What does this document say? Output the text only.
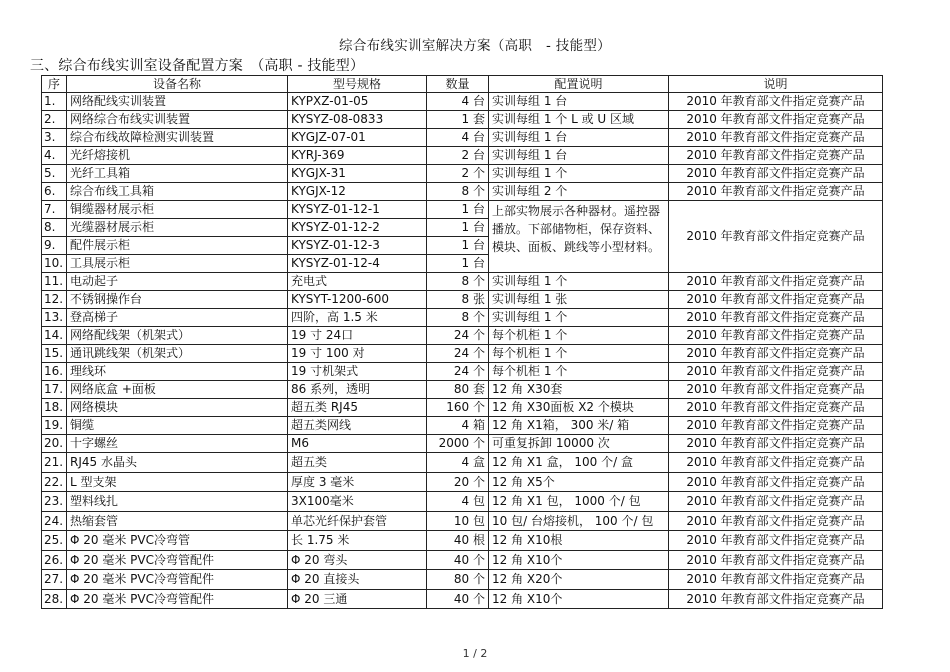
综合布线实训室解决方案（高职　- 技能型）
三、综合布线实训室设备配置方案　（高职 - 技能型）
序	设备名称	型号规格	数量	配置说明	说明
1.	网络配线实训装置	KYPXZ-01-05	4 台	实训每组 1 台	2010 年教育部文件指定竞赛产品
2.	网络综合布线实训装置	KYSYZ-08-0833	1 套	实训每组 1 个 L 或 U 区域	2010 年教育部文件指定竞赛产品
3.	综合布线故障检测实训装置	KYGJZ-07-01	4 台	实训每组 1 台	2010 年教育部文件指定竞赛产品
4.	光纤熔接机	KYRJ-369	2 台	实训每组 1 台	2010 年教育部文件指定竞赛产品
5.	光纤工具箱	KYGJX-31	2 个	实训每组 1 个	2010 年教育部文件指定竞赛产品
6.	综合布线工具箱	KYGJX-12	8 个	实训每组 2 个	2010 年教育部文件指定竞赛产品
7.	铜缆器材展示柜	KYSYZ-01-12-1	1 台	上部实物展示各种器材。遥控器播放。下部储物柜，保存资料、模块、面板、跳线等小型材料。	2010 年教育部文件指定竞赛产品
8.	光缆器材展示柜	KYSYZ-01-12-2	1 台		
9.	配件展示柜	KYSYZ-01-12-3	1 台		
10.	工具展示柜	KYSYZ-01-12-4	1 台		
11.	电动起子	充电式	8 个	实训每组 1 个	2010 年教育部文件指定竞赛产品
12.	不锈钢操作台	KYSYT-1200-600	8 张	实训每组 1 张	2010 年教育部文件指定竞赛产品
13.	登高梯子	四阶，高 1.5 米	8 个	实训每组 1 个	2010 年教育部文件指定竞赛产品
14.	网络配线架（机架式）	19 寸 24口	24 个	每个机柜 1 个	2010 年教育部文件指定竞赛产品
15.	通讯跳线架（机架式）	19 寸 100 对	24 个	每个机柜 1 个	2010 年教育部文件指定竞赛产品
16.	理线环	19 寸机架式	24 个	每个机柜 1 个	2010 年教育部文件指定竞赛产品
17.	网络底盒 +面板	86 系列，透明	80 套	12 角 X30套	2010 年教育部文件指定竞赛产品
18.	网络模块	超五类 RJ45	160 个	12 角 X30面板 X2 个模块	2010 年教育部文件指定竞赛产品
19.	铜缆	超五类网线	4 箱	12 角 X1箱， 300 米/ 箱	2010 年教育部文件指定竞赛产品
20.	十字螺丝	M6	2000 个	可重复拆卸 10000 次	2010 年教育部文件指定竞赛产品
21.	RJ45 水晶头	超五类	4 盒	12 角 X1 盒， 100 个/ 盒	2010 年教育部文件指定竞赛产品
22.	L 型支架	厚度 3 毫米	20 个	12 角 X5个	2010 年教育部文件指定竞赛产品
23.	塑料线扎	3X100毫米	4 包	12 角 X1 包， 1000 个/ 包	2010 年教育部文件指定竞赛产品
24.	热缩套管	单芯光纤保护套管	10 包	10 包/ 台熔接机， 100 个/ 包	2010 年教育部文件指定竞赛产品
25.	Φ 20 毫米 PVC冷弯管	长 1.75 米	40 根	12 角 X10根	2010 年教育部文件指定竞赛产品
26.	Φ 20 毫米 PVC冷弯管配件	Φ 20 弯头	40 个	12 角 X10个	2010 年教育部文件指定竞赛产品
27.	Φ 20 毫米 PVC冷弯管配件	Φ 20 直接头	80 个	12 角 X20个	2010 年教育部文件指定竞赛产品
28.	Φ 20 毫米 PVC冷弯管配件	Φ 20 三通	40 个	12 角 X10个	2010 年教育部文件指定竞赛产品
1 / 2
